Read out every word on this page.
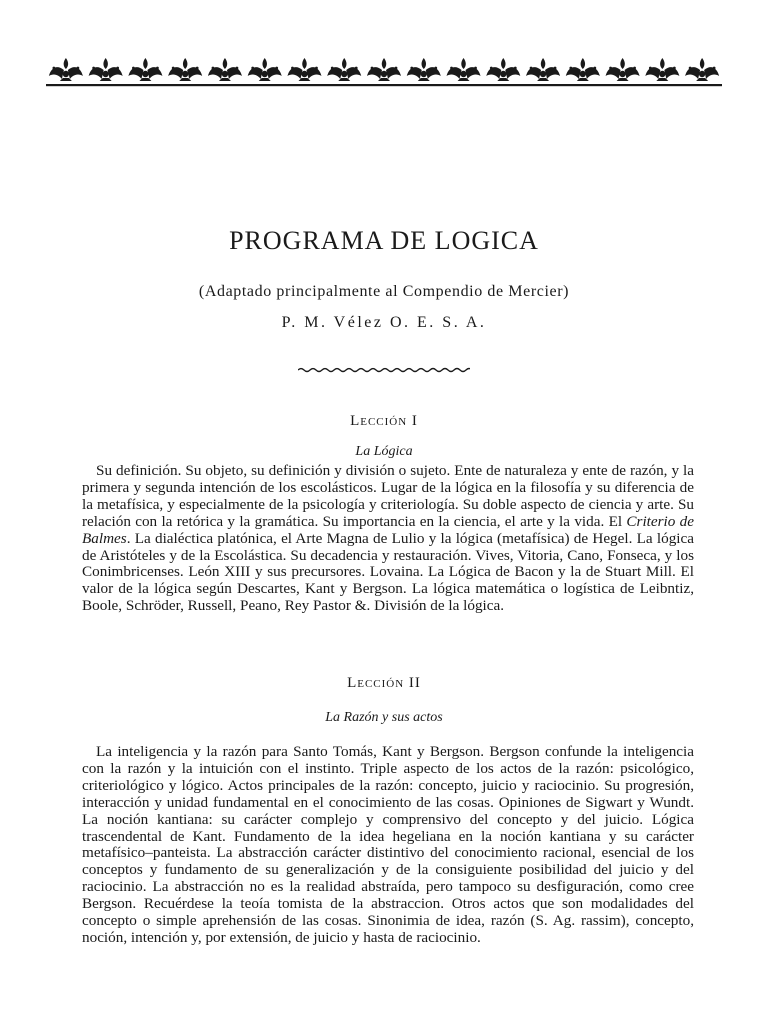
PROGRAMA DE LOGICA
(Adaptado principalmente al Compendio de Mercier)
P. M. Vélez O. E. S. A.
Lección I
La Lógica

Su definición. Su objeto, su definición y división o sujeto. Ente de naturaleza y ente de razón, y la primera y segunda intención de los escolásticos. Lugar de la lógica en la filosofía y su diferencia de la metafísica, y especialmente de la psicología y criteriología. Su doble aspecto de ciencia y arte. Su relación con la retórica y la gramática. Su importancia en la ciencia, el arte y la vida. El Criterio de Balmes. La dialéctica platónica, el Arte Magna de Lulio y la lógica (metafísica) de Hegel. La lógica de Aristóteles y de la Escolástica. Su decadencia y restauración. Vives, Vitoria, Cano, Fonseca, y los Conimbricenses. León XIII y sus precursores. Lovaina. La Lógica de Bacon y la de Stuart Mill. El valor de la lógica según Descartes, Kant y Bergson. La lógica matemática o logística de Leibntiz, Boole, Schröder, Russell, Peano, Rey Pastor &. División de la lógica.

Lección II
La Razón y sus actos

La inteligencia y la razón para Santo Tomás, Kant y Bergson. Bergson confunde la inteligencia con la razón y la intuición con el instinto. Triple aspecto de los actos de la razón: psicológico, criteriológico y lógico. Actos principales de la razón: concepto, juicio y raciocinio. Su progresión, interacción y unidad fundamental en el conocimiento de las cosas. Opiniones de Sigwart y Wundt. La noción kantiana: su carácter complejo y comprensivo del concepto y del juicio. Lógica trascendental de Kant. Fundamento de la idea hegeliana en la noción kantiana y su carácter metafísico–panteista. La abstracción carácter distintivo del conocimiento racional, esencial de los conceptos y fundamento de su generalización y de la consiguiente posibilidad del juicio y del raciocinio. La abstracción no es la realidad abstraída, pero tampoco su desfiguración, como cree Bergson. Recuérdese la teoía tomista de la abstraccion. Otros actos que son modalidades del concepto o simple aprehensión de las cosas. Sinonimia de idea, razón (S. Ag. rassim), concepto, noción, intención y, por extensión, de juicio y hasta de raciocinio.
